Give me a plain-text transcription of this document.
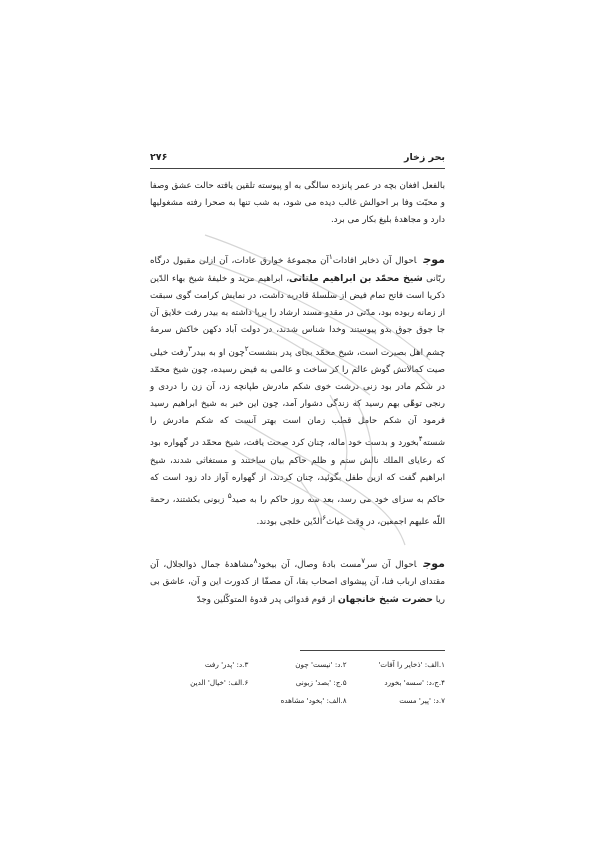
بحر زخار
۲۷۶

بالفعل افغان بچه در عمر پانزده سالگی به او پیوسته تلقین یافته حالت عشق وصفا و محبّت وفا بر احوالش غالب دیده می شود، به شب تنها به صحرا رفته مشغولیها دارد و مجاهدهٔ بلیغ بکار می برد.

موجاحوال آن ذخایر افادات$^۱$آن مجموعهٔ خوارق عادات، آن ازلی مقبول درگاه ربّانی شیخ محمّد بن ابراهیم ملتانی، ابراهیم مرید و خلیفهٔ شیخ بهاء الدّین ذکریا است فاتح تمام فیض از سلسلهٔ قادریه داشت، در نمایش کرامت گوی سبقت از زمانه ربوده بود، مدّتی در مقدو مسند ارشاد را برپا داشته به بیدر رفت خلایق آن جا جوق جوق بدو پیوستند وخدا شناس شدند، در دولت آباد دکهن خاکش سرمهٔ چشم اهل بصیرت است، شیخ محمّد بجای پدر بنشست$^۲$چون او به بیدر$^۳$رفت خیلی صیت کمالاتش گوش عالم را کر ساخت و عالمی به فیض رسیده، چون شیخ محمّد در شکم مادر بود زنی درشت خوی شکم مادرش طپانچه زد، آن زن را دردی و رنجی توهّی بهم رسید که زندگی دشوار آمد، چون این خبر به شیخ ابراهیم رسید فرمود آن شکم حامل قطب زمان است بهتر آنست که شکم مادرش را شسته$^۴$بخورد و بدست خود ماله، چنان کرد صحت یافت، شیخ محمّد در گهواره بود که رعایای الملك نالش ستم و ظلم حاکم بیان ساختند و مستغاثی شدند، شیخ ابراهیم گفت که ازین طفل بگوئید، چنان کردند، از گهواره آواز داد زود است که حاکم به سزای خود می رسد، بعد سه روز حاکم را به صید$^۵$ زبونی بکشتند، رحمة اللّه علیهم اجمعین، در وقت غیاث$^۶$الدّین خلجی بودند.

موجاحوال آن سر$^۷$مست بادهٔ وصال، آن بیخود$^۸$مشاهدهٔ جمال ذوالجلال، آن مقتدای ارباب فنا، آن پیشوای اصحاب بقا، آن مصفّا از کدورت این و آن، عاشق بی ریا حضرت شیخ خانجهان از قوم قدوائی پدر قدوهٔ المتوکّلین وجدّ

۱.الف: 'ذخایر را آفات'	۲.د: 'نیست' چون	۳.د: 'پدر' رفت
۴.ج،د: 'سسه' بخورد	۵.ج: 'بصد' زبونی	۶.الف: 'خیال' الدین
۷.د: 'پیر' مست	۸.الف: 'بخود' مشاهده	
